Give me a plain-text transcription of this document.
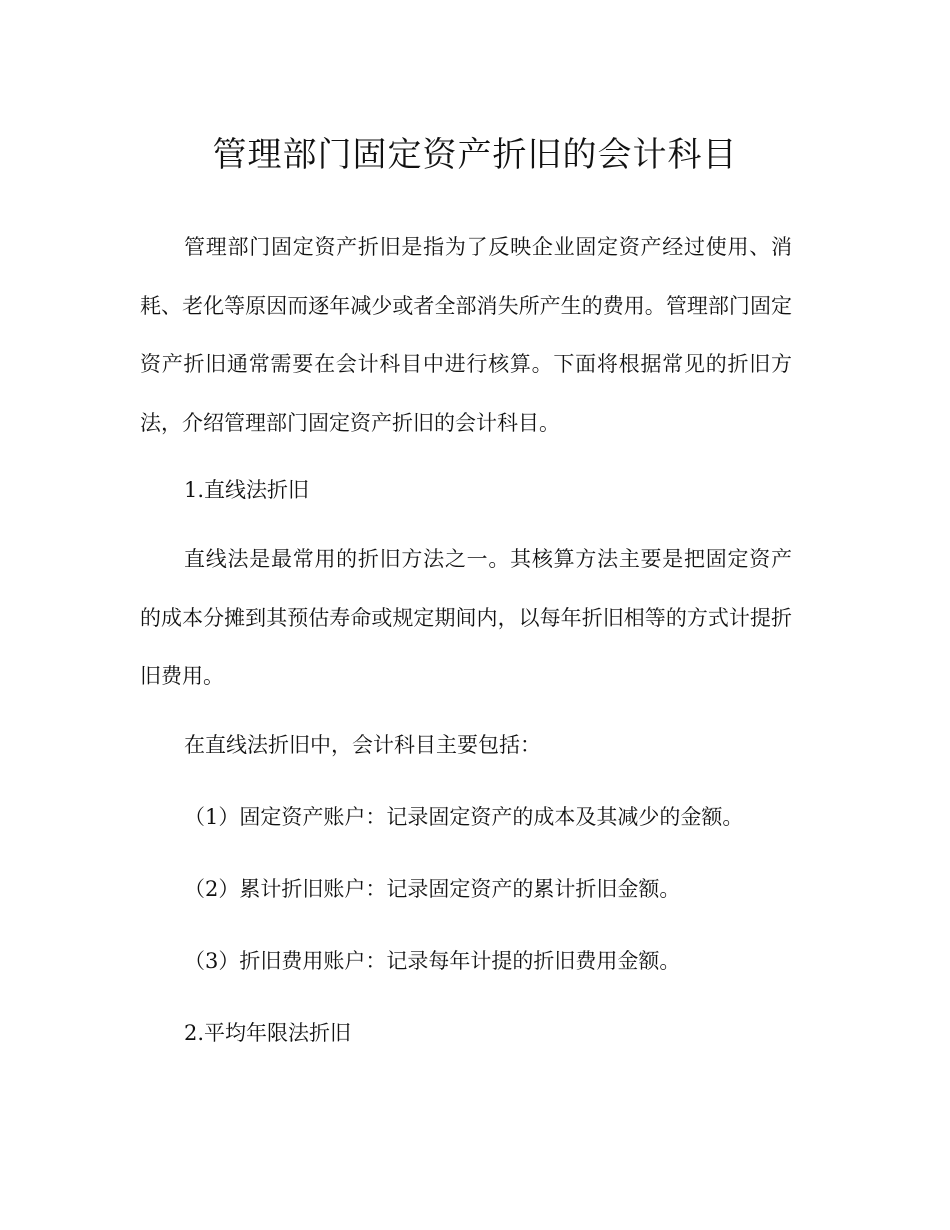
管理部门固定资产折旧的会计科目

管理部门固定资产折旧是指为了反映企业固定资产经过使用、消耗、老化等原因而逐年减少或者全部消失所产生的费用。管理部门固定资产折旧通常需要在会计科目中进行核算。下面将根据常见的折旧方法，介绍管理部门固定资产折旧的会计科目。

1.直线法折旧

直线法是最常用的折旧方法之一。其核算方法主要是把固定资产的成本分摊到其预估寿命或规定期间内，以每年折旧相等的方式计提折旧费用。

在直线法折旧中，会计科目主要包括：

（1）固定资产账户：记录固定资产的成本及其减少的金额。

（2）累计折旧账户：记录固定资产的累计折旧金额。

（3）折旧费用账户：记录每年计提的折旧费用金额。

2.平均年限法折旧
